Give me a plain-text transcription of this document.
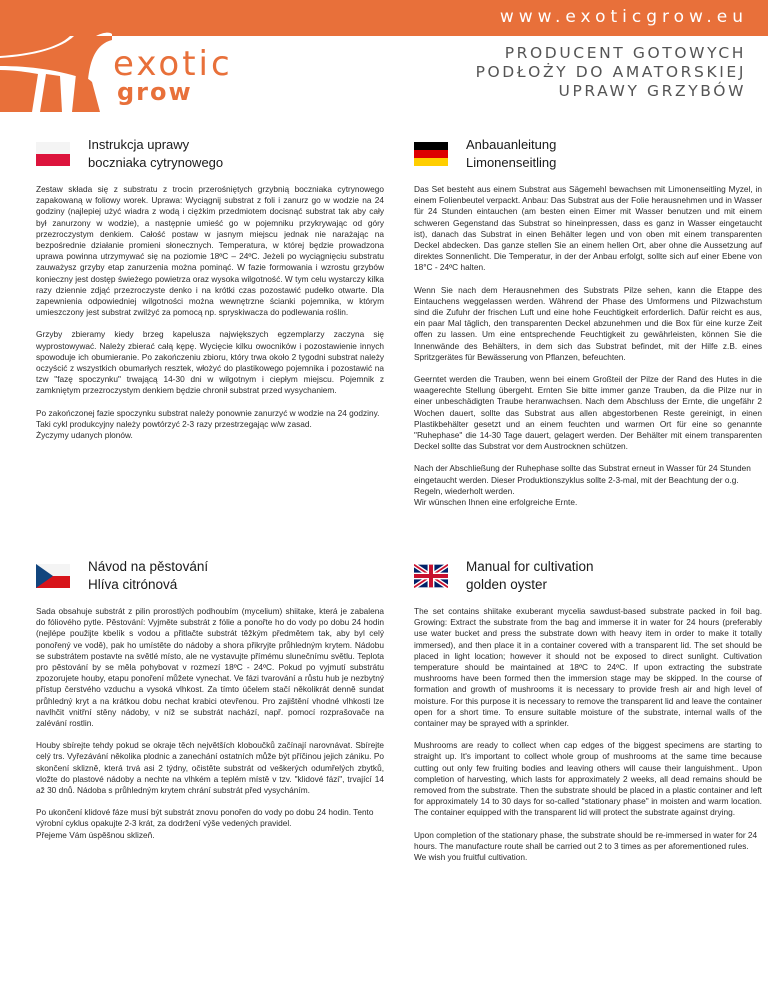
www.exoticgrow.eu
exotic
grow
PRODUCENT GOTOWYCH
PODŁOŻY DO AMATORSKIEJ
UPRAWY GRZYBÓW
Instrukcja uprawy
boczniaka cytrynowego

Zestaw składa się z substratu z trocin przerośniętych grzybnią boczniaka cytrynowego zapakowaną w foliowy worek. Uprawa: Wyciągnij substrat z foli i zanurz go w wodzie na 24 godziny (najlepiej użyć wiadra z wodą i ciężkim przedmiotem docisnąć substrat tak aby cały był zanurzony w wodzie), a następnie umieść go w pojemniku przykrywając od góry przezroczystym denkiem. Całość postaw w jasnym miejscu jednak nie narażając na bezpośrednie działanie promieni słonecznych. Temperatura, w której będzie prowadzona uprawa powinna utrzymywać się na poziomie 18ºC – 24ºC. Jeżeli po wyciągnięciu substratu zauważysz grzyby etap zanurzenia można pominąć. W fazie formowania i wzrostu grzybów konieczny jest dostęp świeżego powietrza oraz wysoka wilgotność. W tym celu wystarczy kilka razy dziennie zdjąć przezroczyste denko i na krótki czas pozostawić pudełko otwarte. Dla zapewnienia odpowiedniej wilgotności można wewnętrzne ścianki pojemnika, w którym umieszczony jest substrat zwilżyć za pomocą np. spryskiwacza do podlewania roślin.

Grzyby zbieramy kiedy brzeg kapelusza największych egzemplarzy zaczyna się wyprostowywać. Należy zbierać całą kępę. Wycięcie kilku owocników i pozostawienie innych spowoduje ich obumieranie. Po zakończeniu zbioru, który trwa około 2 tygodni substrat należy oczyścić z wszystkich obumarłych resztek, włożyć do plastikowego pojemnika i pozostawić na tzw "fazę spoczynku" trwającą 14-30 dni w wilgotnym i ciepłym miejscu. Pojemnik z zamkniętym przezroczystym denkiem będzie chronił substrat przed wysychaniem.

Po zakończonej fazie spoczynku substrat należy ponownie zanurzyć w wodzie na 24 godziny. Taki cykl produkcyjny należy powtórzyć 2-3 razy przestrzegając w/w zasad.

Życzymy udanych plonów.

Anbauanleitung
Limonenseitling

Das Set besteht aus einem Substrat aus Sägemehl bewachsen mit Limonenseitling Myzel, in einem Folienbeutel verpackt. Anbau: Das Substrat aus der Folie herausnehmen und in Wasser für 24 Stunden eintauchen (am besten einen Eimer mit Wasser benutzen und mit einem schweren Gegenstand das Substrat so hineinpressen, dass es ganz in Wasser eingetaucht ist), danach das Substrat in einen Behälter legen und von oben mit einem transparenten Deckel abdecken. Das ganze stellen Sie an einem hellen Ort, aber ohne die Aussetzung auf direktes Sonnenlicht. Die Temperatur, in der der Anbau erfolgt, sollte sich auf einer Ebene von 18°C - 24ºC halten.

Wenn Sie nach dem Herausnehmen des Substrats Pilze sehen, kann die Etappe des Eintauchens weggelassen werden. Während der Phase des Umformens und Pilzwachstum sind die Zufuhr der frischen Luft und eine hohe Feuchtigkeit erforderlich. Dafür reicht es aus, ein paar Mal täglich, den transparenten Deckel abzunehmen und die Box für eine kurze Zeit offen zu lassen. Um eine entsprechende Feuchtigkeit zu gewährleisten, können Sie die Innenwände des Behälters, in dem sich das Substrat befindet, mit der Hilfe z.B. eines Spritzgerätes für Bewässerung von Pflanzen, befeuchten.

Geerntet werden die Trauben, wenn bei einem Großteil der Pilze der Rand des Hutes in die waagerechte Stellung übergeht. Ernten Sie bitte immer ganze Trauben, da die Pilze nur in einer unbeschädigten Traube heranwachsen. Nach dem Abschluss der Ernte, die ungefähr 2 Wochen dauert, sollte das Substrat aus allen abgestorbenen Reste gereinigt, in einen Plastikbehälter gesetzt und an einem feuchten und warmen Ort für eine so genannte "Ruhephase" die 14-30 Tage dauert, gelagert werden. Der Behälter mit einem transparenten Deckel sollte das Substrat vor dem Austrocknen schützen.

Nach der Abschließung der Ruhephase sollte das Substrat erneut in Wasser für 24 Stunden eingetaucht werden. Dieser Produktionszyklus sollte 2-3-mal, mit der Beachtung der o.g. Regeln, wiederholt werden.

Wir wünschen Ihnen eine erfolgreiche Ernte.

Návod na pěstování
Hlíva citrónová

Sada obsahuje substrát z pilin prorostlých podhoubím (mycelium) shiitake, která je zabalena do fóliového pytle. Pěstování: Vyjměte substrát z fólie a ponořte ho do vody po dobu 24 hodin (nejlépe použijte kbelík s vodou a přitlačte substrát těžkým předmětem tak, aby byl celý ponořený ve vodě), pak ho umístěte do nádoby a shora přikryjte průhledným krytem. Nádobu se substrátem postavte na světlé místo, ale ne vystavujte přímému slunečnímu světlu. Teplota pro pěstování by se měla pohybovat v rozmezí 18ºC - 24ºC. Pokud po vyjmutí substrátu zpozorujete houby, etapu ponoření můžete vynechat. Ve fázi tvarování a růstu hub je nezbytný přístup čerstvého vzduchu a vysoká vlhkost. Za tímto účelem stačí několikrát denně sundat průhledný kryt a na krátkou dobu nechat krabici otevřenou. Pro zajištění vhodné vlhkosti lze navlhčit vnitřní stěny nádoby, v níž se substrát nachází, např. pomocí rozprašovače na zalévání rostlin.

Houby sbírejte tehdy pokud se okraje těch největších kloboučků začínají narovnávat. Sbírejte celý trs. Vyřezávání několika plodnic a zanechání ostatních může být příčinou jejich zániku. Po skončení sklizně, která trvá asi 2 týdny, očistěte substrát od veškerých odumřelých zbytků, vložte do plastové nádoby a nechte na vlhkém a teplém místě v tzv. "klidové fázi", trvající 14 až 30 dnů. Nádoba s průhledným krytem chrání substrát před vysycháním.

Po ukončení klidové fáze musí být substrát znovu ponořen do vody po dobu 24 hodin. Tento výrobní cyklus opakujte 2-3 krát, za dodržení výše vedených pravidel.

Přejeme Vám úspěšnou sklizeň.

Manual for cultivation
golden oyster

The set contains shiitake exuberant mycelia sawdust-based substrate packed in foil bag. Growing: Extract the substrate from the bag and immerse it in water for 24 hours (preferably use water bucket and press the substrate down with heavy item in order to make it totally immersed), and then place it in a container covered with a transparent lid. The set should be placed in light location; however it should not be exposed to direct sunlight. Cultivation temperature should be maintained at 18ºC to 24ºC. If upon extracting the substrate mushrooms have been formed then the immersion stage may be skipped. In the course of formation and growth of mushrooms it is necessary to provide fresh air and high level of moisture. For this purpose it is necessary to remove the transparent lid and leave the container open for a short time. To ensure suitable moisture of the substrate, internal walls of the container may be sprayed with a sprinkler.

Mushrooms are ready to collect when cap edges of the biggest specimens are starting to straight up. It's important to collect whole group of mushrooms at the same time because cutting out only few fruiting bodies and leaving others will cause their languishment.. Upon completion of harvesting, which lasts for approximately 2 weeks, all dead remains should be removed from the substrate. Then the substrate should be placed in a plastic container and left for approximately 14 to 30 days for so-called "stationary phase" in moisten and warm location. The container equipped with the transparent lid will protect the substrate against drying.

Upon completion of the stationary phase, the substrate should be re-immersed in water for 24 hours. The manufacture route shall be carried out 2 to 3 times as per aforementioned rules.

We wish you fruitful cultivation.
